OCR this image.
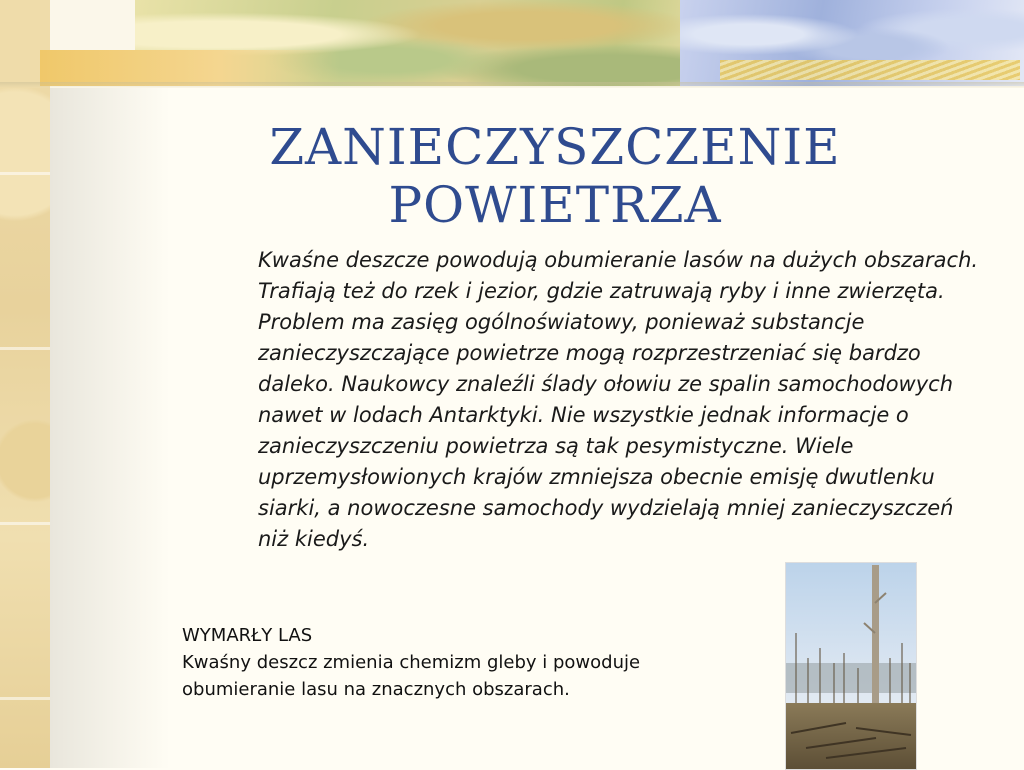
ZANIECZYSZCZENIE
POWIETRZA

Kwaśne deszcze powodują obumieranie lasów na dużych obszarach. Trafiają też do rzek i jezior, gdzie zatruwają ryby i inne zwierzęta.

Problem ma zasięg ogólnoświatowy, ponieważ substancje zanieczyszczające powietrze mogą rozprzestrzeniać się bardzo daleko. Naukowcy znaleźli ślady ołowiu ze spalin samochodowych nawet w lodach Antarktyki. Nie wszystkie jednak informacje o zanieczyszczeniu powietrza są tak pesymistyczne. Wiele uprzemysłowionych krajów zmniejsza obecnie emisję dwutlenku siarki, a nowoczesne samochody wydzielają mniej zanieczyszczeń niż kiedyś.

WYMARŁY LAS
Kwaśny deszcz zmienia chemizm gleby i powoduje obumieranie lasu na znacznych obszarach.
